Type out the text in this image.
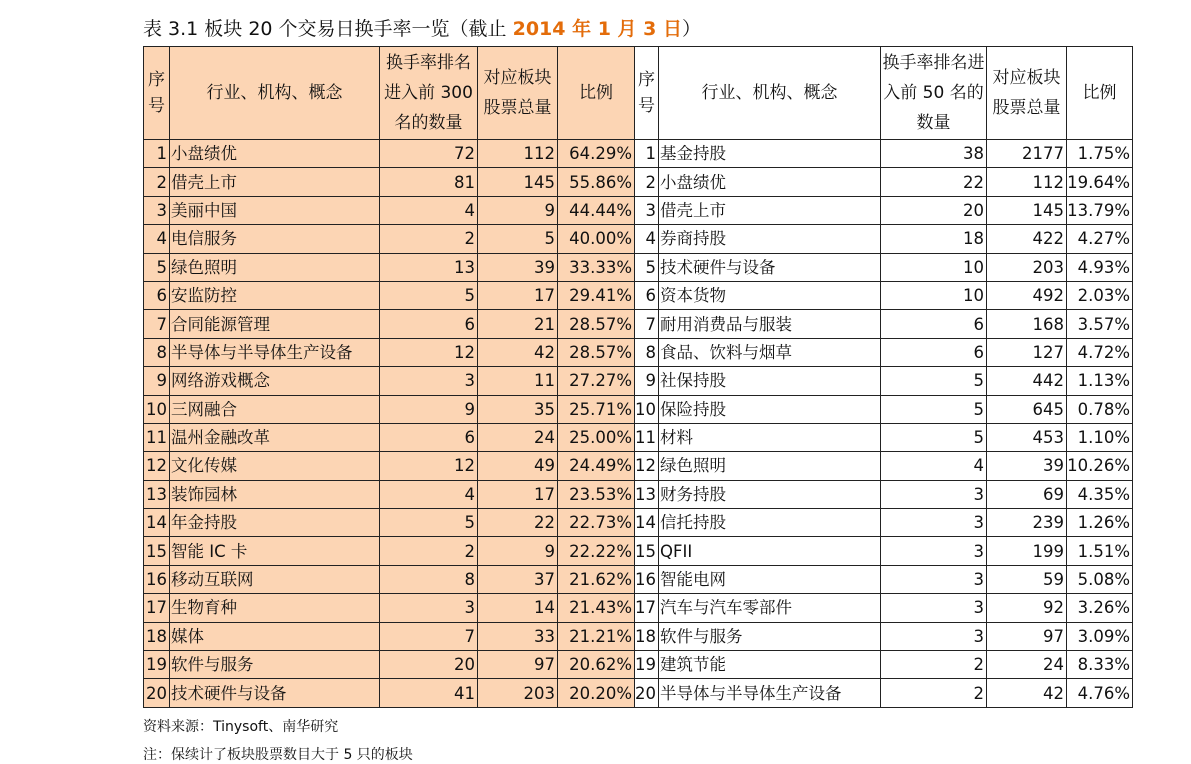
表 3.1 板块 20 个交易日换手率一览（截止 2014 年 1 月 3 日）
序号	行业、机构、概念	换手率排名进入前 300 名的数量	对应板块股票总量	比例	序号	行业、机构、概念	换手率排名进入前 50 名的数量	对应板块股票总量	比例
1	小盘绩优	72	112	64.29%	1	基金持股	38	2177	1.75%
2	借壳上市	81	145	55.86%	2	小盘绩优	22	112	19.64%
3	美丽中国	4	9	44.44%	3	借壳上市	20	145	13.79%
4	电信服务	2	5	40.00%	4	券商持股	18	422	4.27%
5	绿色照明	13	39	33.33%	5	技术硬件与设备	10	203	4.93%
6	安监防控	5	17	29.41%	6	资本货物	10	492	2.03%
7	合同能源管理	6	21	28.57%	7	耐用消费品与服装	6	168	3.57%
8	半导体与半导体生产设备	12	42	28.57%	8	食品、饮料与烟草	6	127	4.72%
9	网络游戏概念	3	11	27.27%	9	社保持股	5	442	1.13%
10	三网融合	9	35	25.71%	10	保险持股	5	645	0.78%
11	温州金融改革	6	24	25.00%	11	材料	5	453	1.10%
12	文化传媒	12	49	24.49%	12	绿色照明	4	39	10.26%
13	装饰园林	4	17	23.53%	13	财务持股	3	69	4.35%
14	年金持股	5	22	22.73%	14	信托持股	3	239	1.26%
15	智能 IC 卡	2	9	22.22%	15	QFII	3	199	1.51%
16	移动互联网	8	37	21.62%	16	智能电网	3	59	5.08%
17	生物育种	3	14	21.43%	17	汽车与汽车零部件	3	92	3.26%
18	媒体	7	33	21.21%	18	软件与服务	3	97	3.09%
19	软件与服务	20	97	20.62%	19	建筑节能	2	24	8.33%
20	技术硬件与设备	41	203	20.20%	20	半导体与半导体生产设备	2	42	4.76%
资料来源：Tinysoft、南华研究
注：保续计了板块股票数目大于 5 只的板块
